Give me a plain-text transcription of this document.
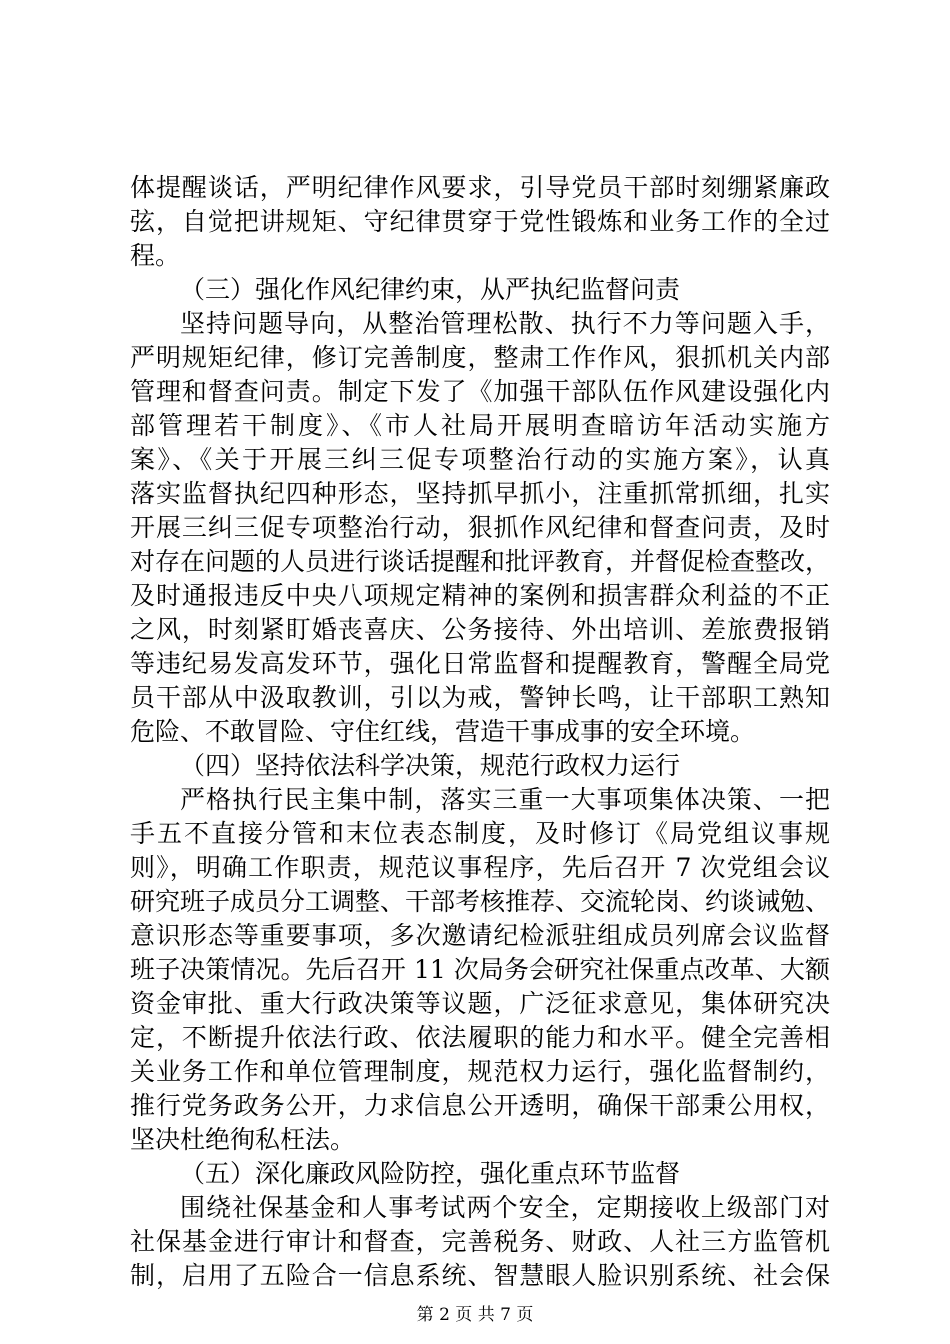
体提醒谈话，严明纪律作风要求，引导党员干部时刻绷紧廉政
弦，自觉把讲规矩、守纪律贯穿于党性锻炼和业务工作的全过
程。
（三）强化作风纪律约束，从严执纪监督问责
坚持问题导向，从整治管理松散、执行不力等问题入手，
严明规矩纪律，修订完善制度，整肃工作作风，狠抓机关内部
管理和督查问责。制定下发了《加强干部队伍作风建设强化内
部管理若干制度》、《市人社局开展明查暗访年活动实施方
案》、《关于开展三纠三促专项整治行动的实施方案》，认真
落实监督执纪四种形态，坚持抓早抓小，注重抓常抓细，扎实
开展三纠三促专项整治行动，狠抓作风纪律和督查问责，及时
对存在问题的人员进行谈话提醒和批评教育，并督促检查整改，
及时通报违反中央八项规定精神的案例和损害群众利益的不正
之风，时刻紧盯婚丧喜庆、公务接待、外出培训、差旅费报销
等违纪易发高发环节，强化日常监督和提醒教育，警醒全局党
员干部从中汲取教训，引以为戒，警钟长鸣，让干部职工熟知
危险、不敢冒险、守住红线，营造干事成事的安全环境。
（四）坚持依法科学决策，规范行政权力运行
严格执行民主集中制，落实三重一大事项集体决策、一把
手五不直接分管和末位表态制度，及时修订《局党组议事规
则》，明确工作职责，规范议事程序，先后召开 7 次党组会议
研究班子成员分工调整、干部考核推荐、交流轮岗、约谈诫勉、
意识形态等重要事项，多次邀请纪检派驻组成员列席会议监督
班子决策情况。先后召开 11 次局务会研究社保重点改革、大额
资金审批、重大行政决策等议题，广泛征求意见，集体研究决
定，不断提升依法行政、依法履职的能力和水平。健全完善相
关业务工作和单位管理制度，规范权力运行，强化监督制约，
推行党务政务公开，力求信息公开透明，确保干部秉公用权，
坚决杜绝徇私枉法。
（五）深化廉政风险防控，强化重点环节监督
围绕社保基金和人事考试两个安全，定期接收上级部门对
社保基金进行审计和督查，完善税务、财政、人社三方监管机
制，启用了五险合一信息系统、智慧眼人脸识别系统、社会保
第 2 页 共 7 页
